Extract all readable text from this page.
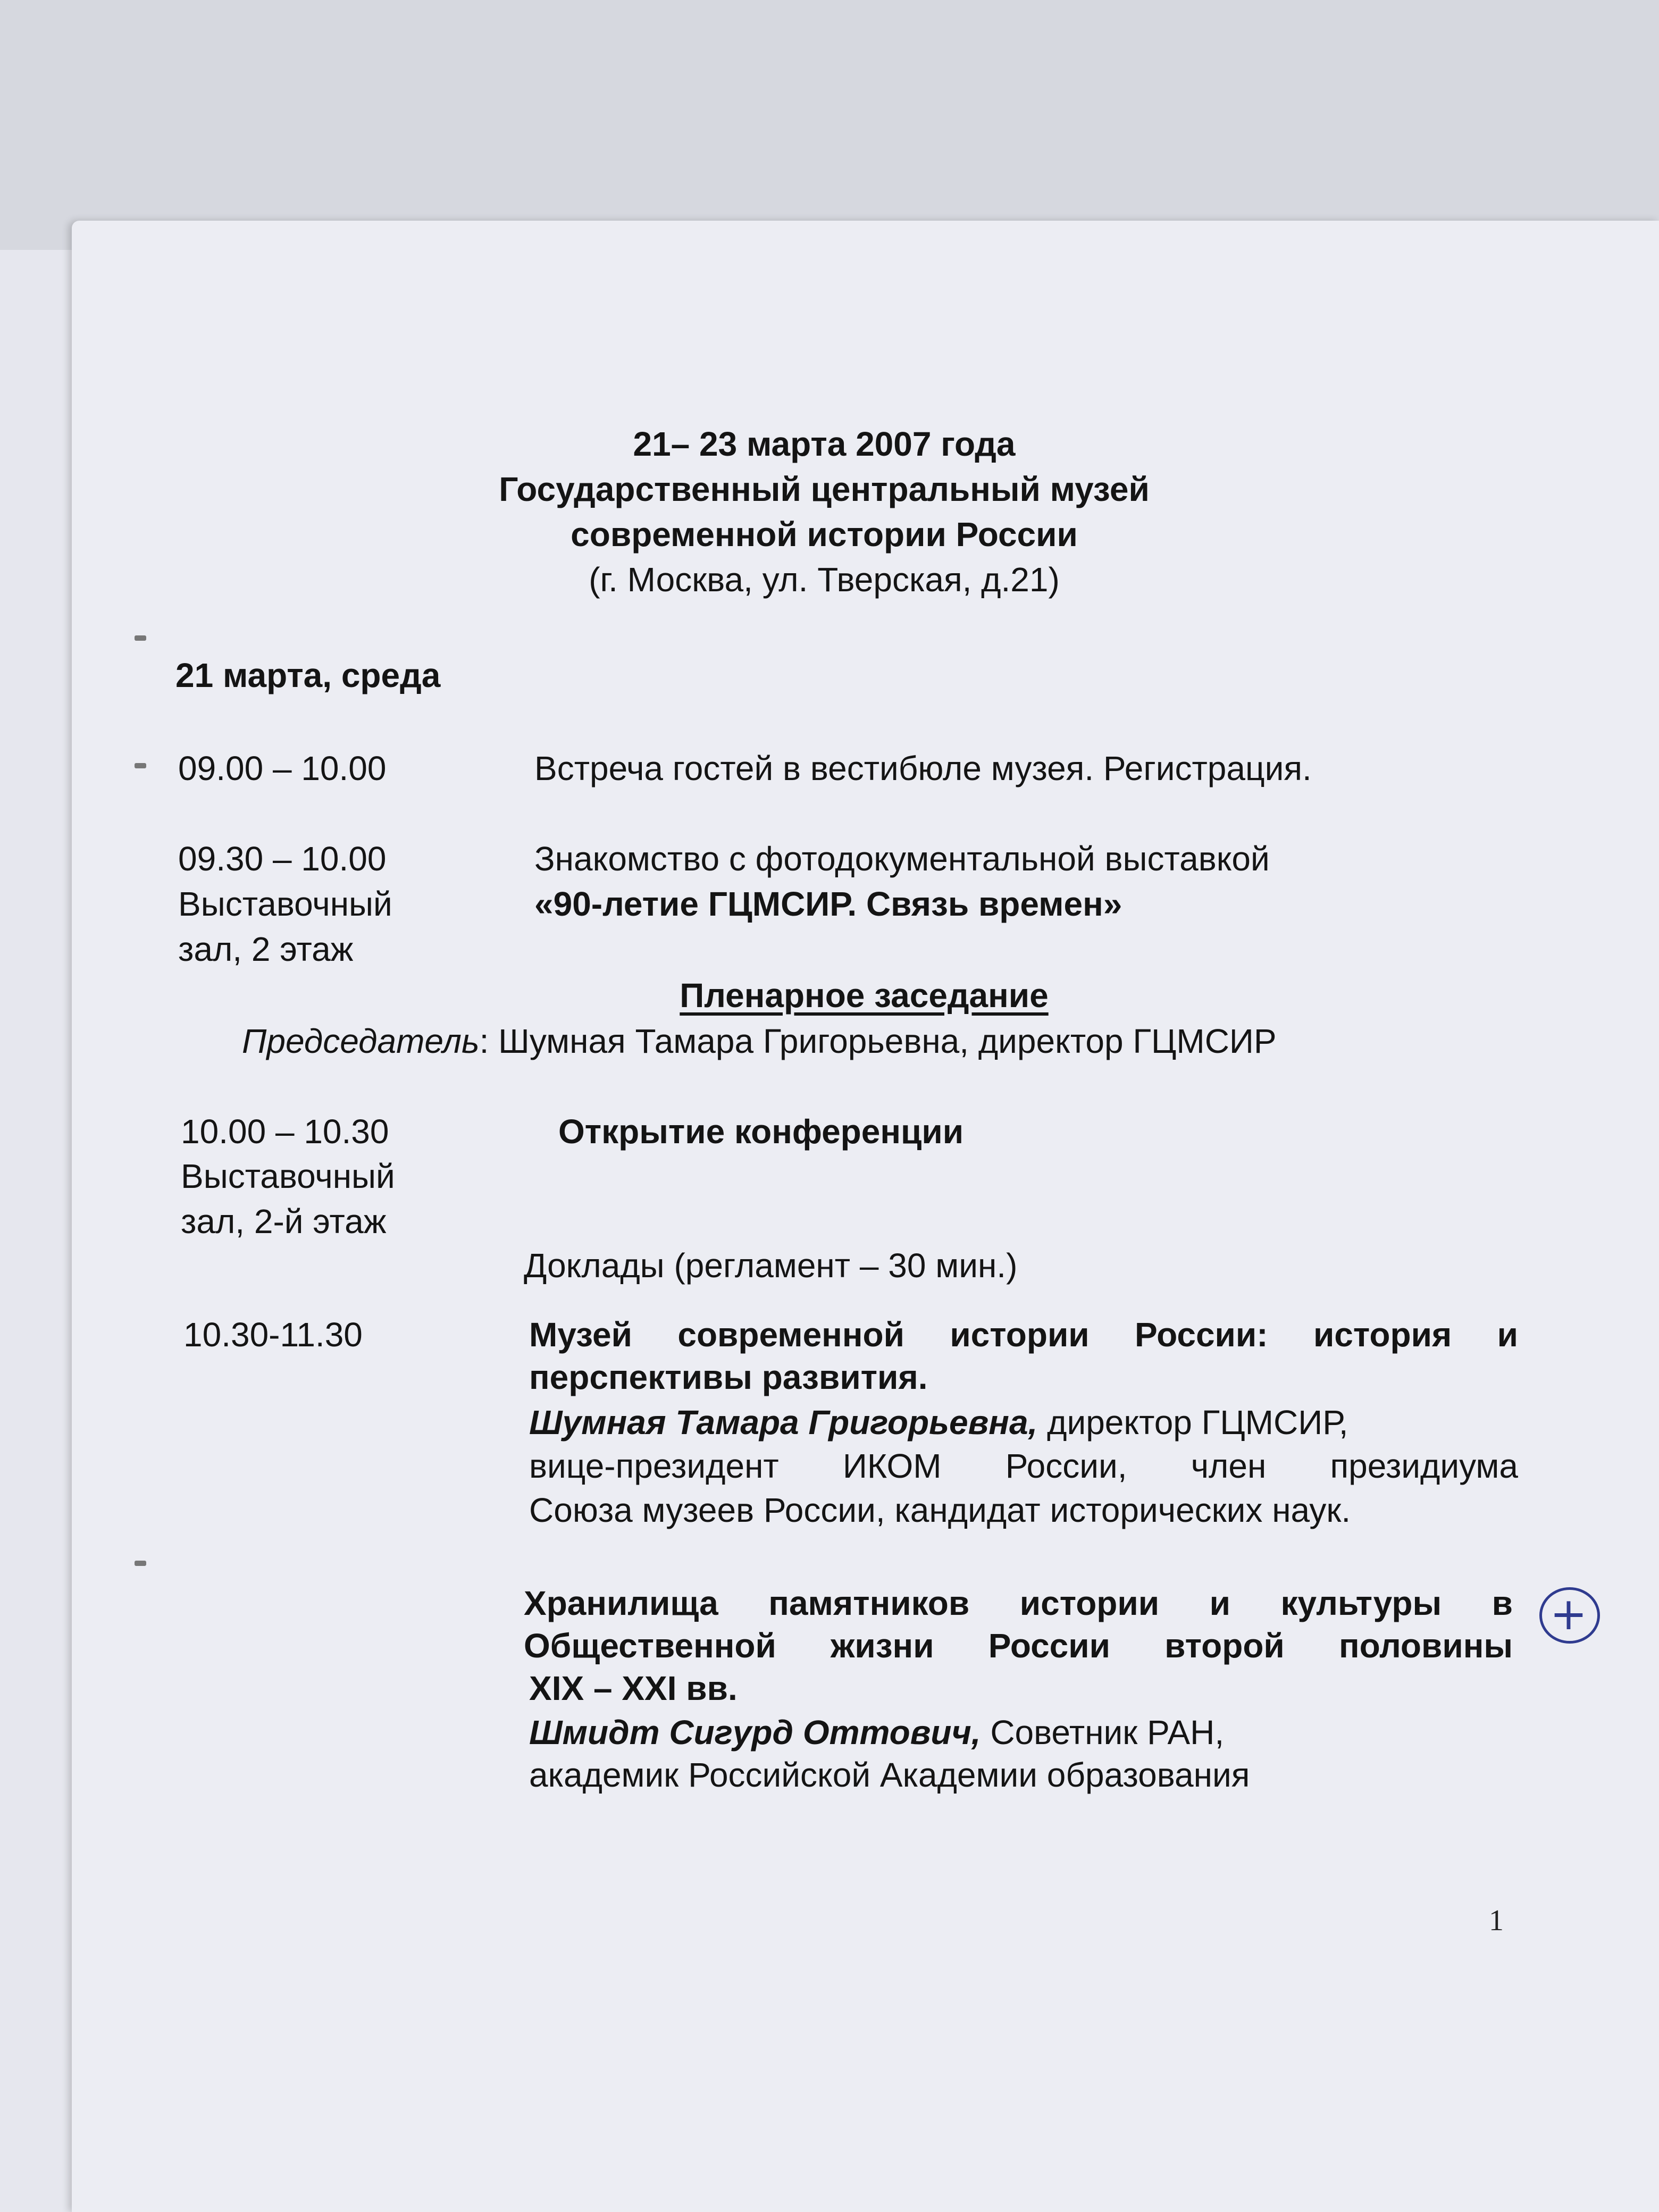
21– 23 марта 2007 года
Государственный центральный музей
современной истории России
(г. Москва, ул. Тверская, д.21)
21 марта, среда
09.00 – 10.00	Встреча гостей в вестибюле музея. Регистрация.
09.30 – 10.00
Выставочный
зал, 2 этаж
Знакомство с фотодокументальной выставкой
«90-летие ГЦМСИР. Связь времен»
Пленарное заседание
Председатель: Шумная Тамара Григорьевна, директор ГЦМСИР
10.00 – 10.30
Выставочный
зал, 2-й этаж
Открытие конференции
Доклады (регламент – 30 мин.)
10.30-11.30	Музей современной истории России: история и
перспективы развития.
Шумная Тамара Григорьевна, директор ГЦМСИР,
вице-президент ИКОМ России, член президиума
Союза музеев России, кандидат исторических наук.
Хранилища памятников истории и культуры в
Общественной жизни России второй половины
XIX – XXI вв.
Шмидт Сигурд Оттович, Советник РАН,
академик Российской Академии образования
+
1
